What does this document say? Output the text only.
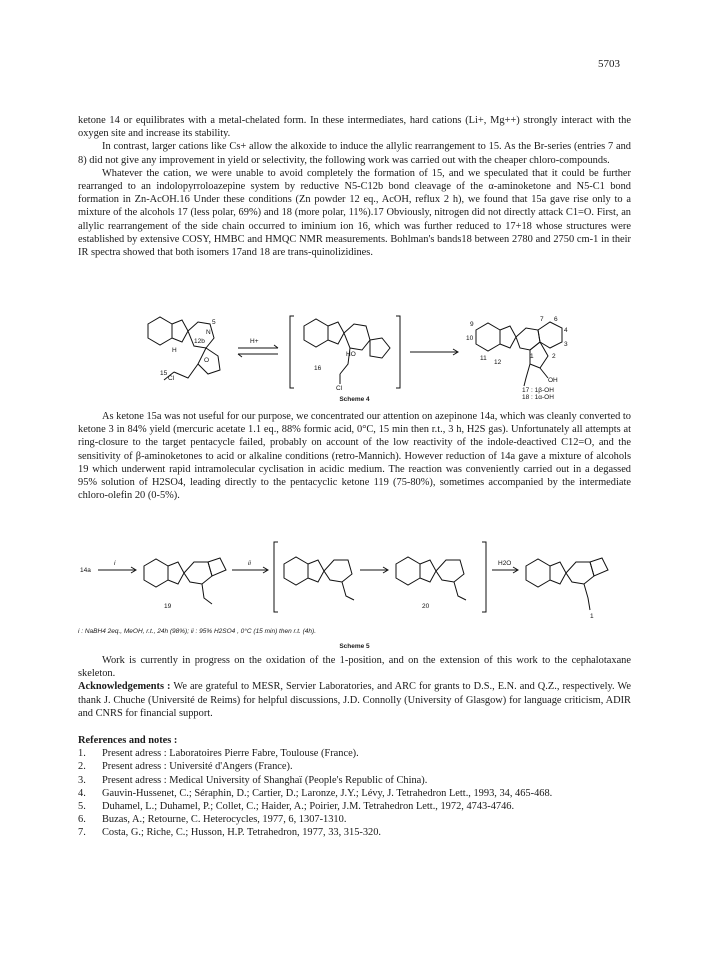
5703

ketone 14 or equilibrates with a metal-chelated form. In these intermediates, hard cations (Li+, Mg++) strongly interact with the oxygen site and increase its stability.

In contrast, larger cations like Cs+ allow the alkoxide to induce the allylic rearrangement to 15. As the Br-series (entries 7 and 8) did not give any improvement in yield or selectivity, the following work was carried out with the cheaper chloro-compounds.

Whatever the cation, we were unable to avoid completely the formation of 15, and we speculated that it could be further rearranged to an indolopyrroloazepine system by reductive N5-C12b bond cleavage of the α-aminoketone and N5-C1 bond formation in Zn-AcOH.16 Under these conditions (Zn powder 12 eq., AcOH, reflux 2 h), we found that 15a gave rise only to a mixture of the alcohols 17 (less polar, 69%) and 18 (more polar, 11%).17 Obviously, nitrogen did not directly attack C1=O. First, an allylic rearrangement of the side chain occurred to iminium ion 16, which was further reduced to 17+18 whose structures were established by extensive COSY, HMBC and HMQC NMR measurements. Bohlman's bands18 between 2780 and 2750 cm-1 in their IR spectra showed that both isomers 17and 18 are trans-quinolizidines.

15
H+
16
17 : 1β-OH
18 : 1α-OH
N
5
12b
H
O
Cl
HO
Cl
OH
9
10
11
12
1	2
3
4
6
7
Scheme 4

As ketone 15a was not useful for our purpose, we concentrated our attention on azepinone 14a, which was cleanly converted to ketone 3 in 84% yield (mercuric acetate 1.1 eq., 88% formic acid, 0°C, 15 min then r.t., 3 h, H2S gas). Unfortunately all attempts at ring-closure to the target pentacycle failed, probably on account of the low reactivity of the indole-deactived C12=O, and the sensitivity of β-aminoketones to acid or alkaline conditions (retro-Mannich). However reduction of 14a gave a mixture of alcohols 19 which underwent rapid intramolecular cyclisation in acidic medium. The reaction was conveniently carried out in a degassed 95% solution of H2SO4, leading directly to the pentacyclic ketone 119 (75-80%), sometimes accompanied by the intermediate chloro-olefin 20 (0-5%).

14a
i	ii	H2O
19	20
1
i : NaBH4 2eq., MeOH, r.t., 24h (98%); ii : 95% H2SO4 , 0°C (15 min) then r.t. (4h).
Scheme 5

Work is currently in progress on the oxidation of the 1-position, and on the extension of this work to the cephalotaxane skeleton.

Acknowledgements : We are grateful to MESR, Servier Laboratories, and ARC for grants to D.S., E.N. and Q.Z., respectively. We thank J. Chuche (Université de Reims) for helpful discussions, J.D. Connolly (University of Glasgow) for language criticism, ADIR and CNRS for financial support.

References and notes :
1.	Present adress : Laboratoires Pierre Fabre, Toulouse (France).
2.	Present adress : Université d'Angers (France).
3.	Present adress : Medical University of Shanghaï (People's Republic of China).
4.	Gauvin-Hussenet, C.; Séraphin, D.; Cartier, D.; Laronze, J.Y.; Lévy, J. Tetrahedron Lett., 1993, 34, 465-468.
5.	Duhamel, L.; Duhamel, P.; Collet, C.; Haider, A.; Poirier, J.M. Tetrahedron Lett., 1972, 4743-4746.
6.	Buzas, A.; Retourne, C. Heterocycles, 1977, 6, 1307-1310.
7.	Costa, G.; Riche, C.; Husson, H.P. Tetrahedron, 1977, 33, 315-320.
